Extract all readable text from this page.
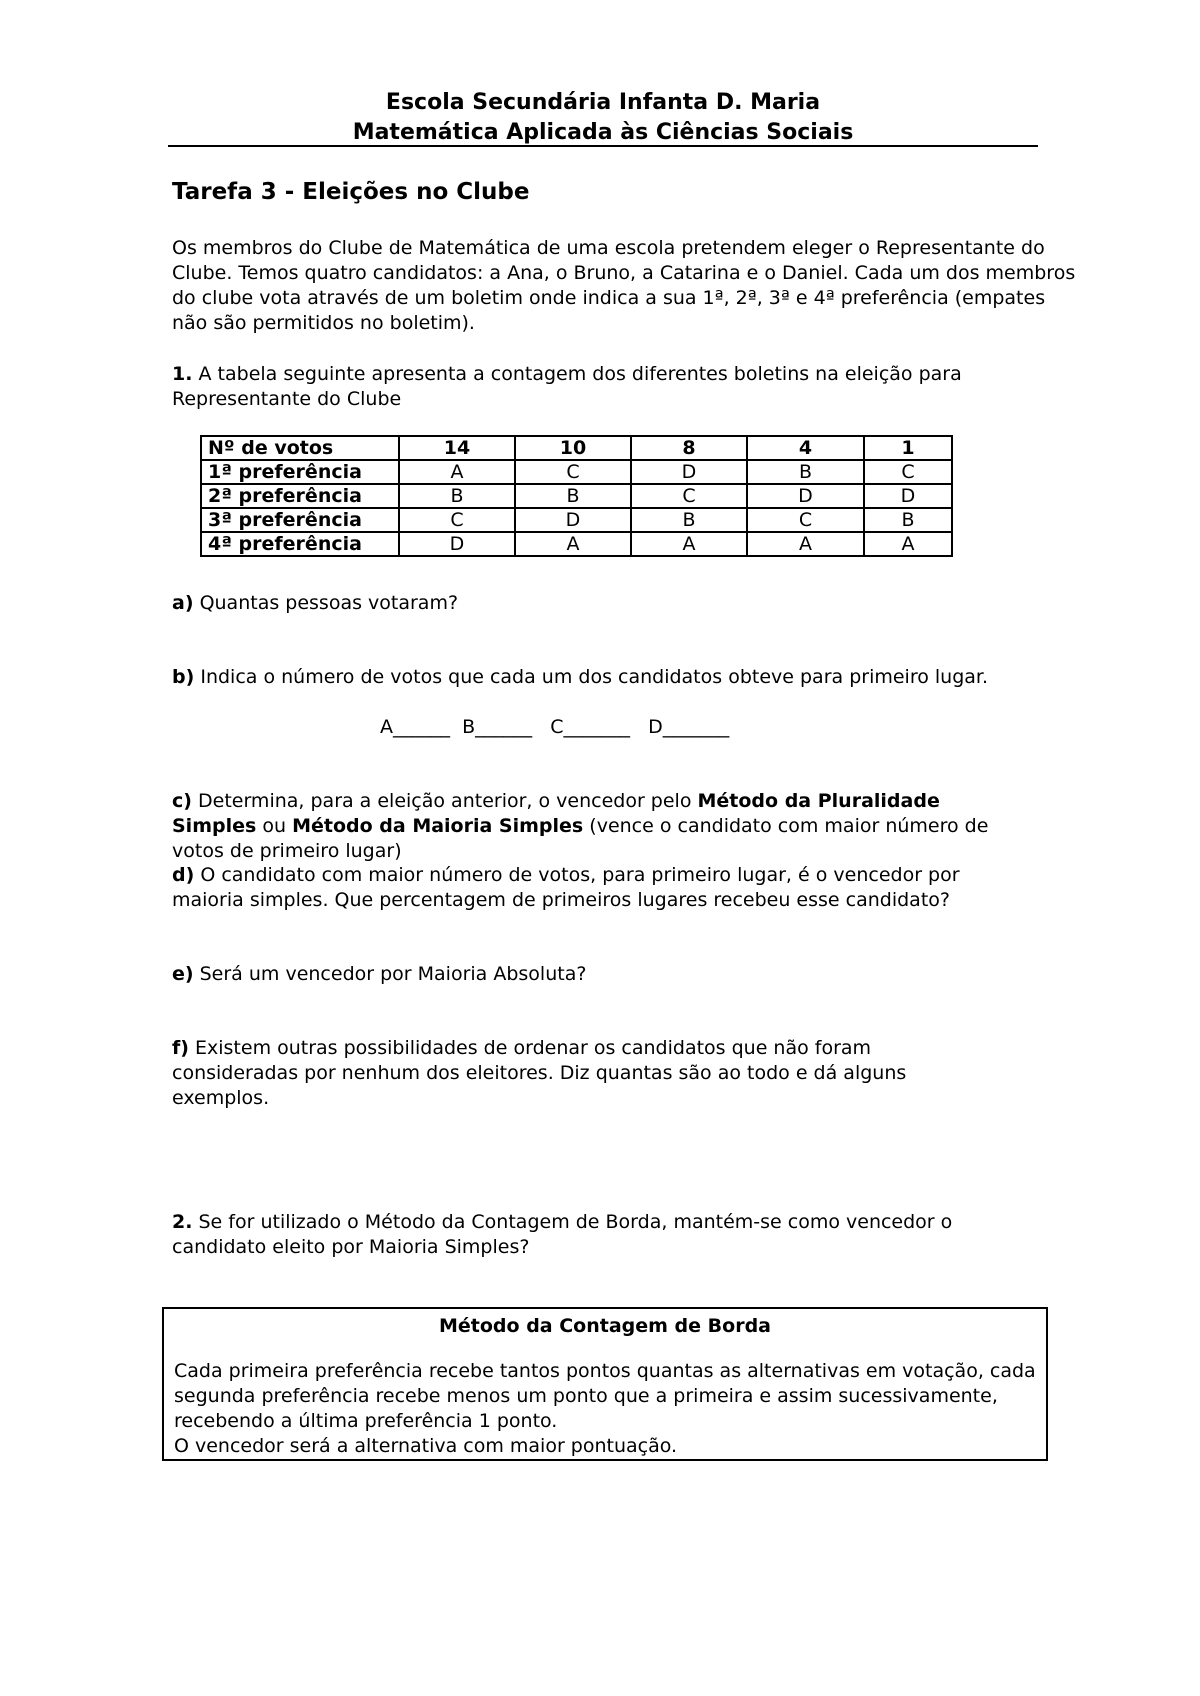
Escola Secundária Infanta D. Maria
Matemática Aplicada às Ciências Sociais
Tarefa 3 - Eleições no Clube
Os membros do Clube de Matemática de uma escola pretendem eleger o Representante do Clube. Temos quatro candidatos: a Ana, o Bruno, a Catarina e o Daniel. Cada um dos membros do clube vota através de um boletim onde indica a sua 1ª, 2ª, 3ª e 4ª preferência (empates não são permitidos no boletim).
1. A tabela seguinte apresenta a contagem dos diferentes boletins na eleição para Representante do Clube
Nº de votos	14	10	8	4	1
1ª preferência	A	C	D	B	C
2ª preferência	B	B	C	D	D
3ª preferência	C	D	B	C	B
4ª preferência	D	A	A	A	A
a) Quantas pessoas votaram?
b) Indica o número de votos que cada um dos candidatos obteve para primeiro lugar.
A______  B______   C_______   D_______
c) Determina, para a eleição anterior, o vencedor pelo Método da Pluralidade Simples ou Método da Maioria Simples (vence o candidato com maior número de votos de primeiro lugar)
d) O candidato com maior número de votos, para primeiro lugar, é o vencedor por maioria simples. Que percentagem de primeiros lugares recebeu esse candidato?
e) Será um vencedor por Maioria Absoluta?
f) Existem outras possibilidades de ordenar os candidatos que não foram consideradas por nenhum dos eleitores. Diz quantas são ao todo e dá alguns exemplos.
2. Se for utilizado o Método da Contagem de Borda, mantém-se como vencedor o candidato eleito por Maioria Simples?
Método da Contagem de Borda
Cada primeira preferência recebe tantos pontos quantas as alternativas em votação, cada segunda preferência recebe menos um ponto que a primeira e assim sucessivamente, recebendo a última preferência 1 ponto.
O vencedor será a alternativa com maior pontuação.
